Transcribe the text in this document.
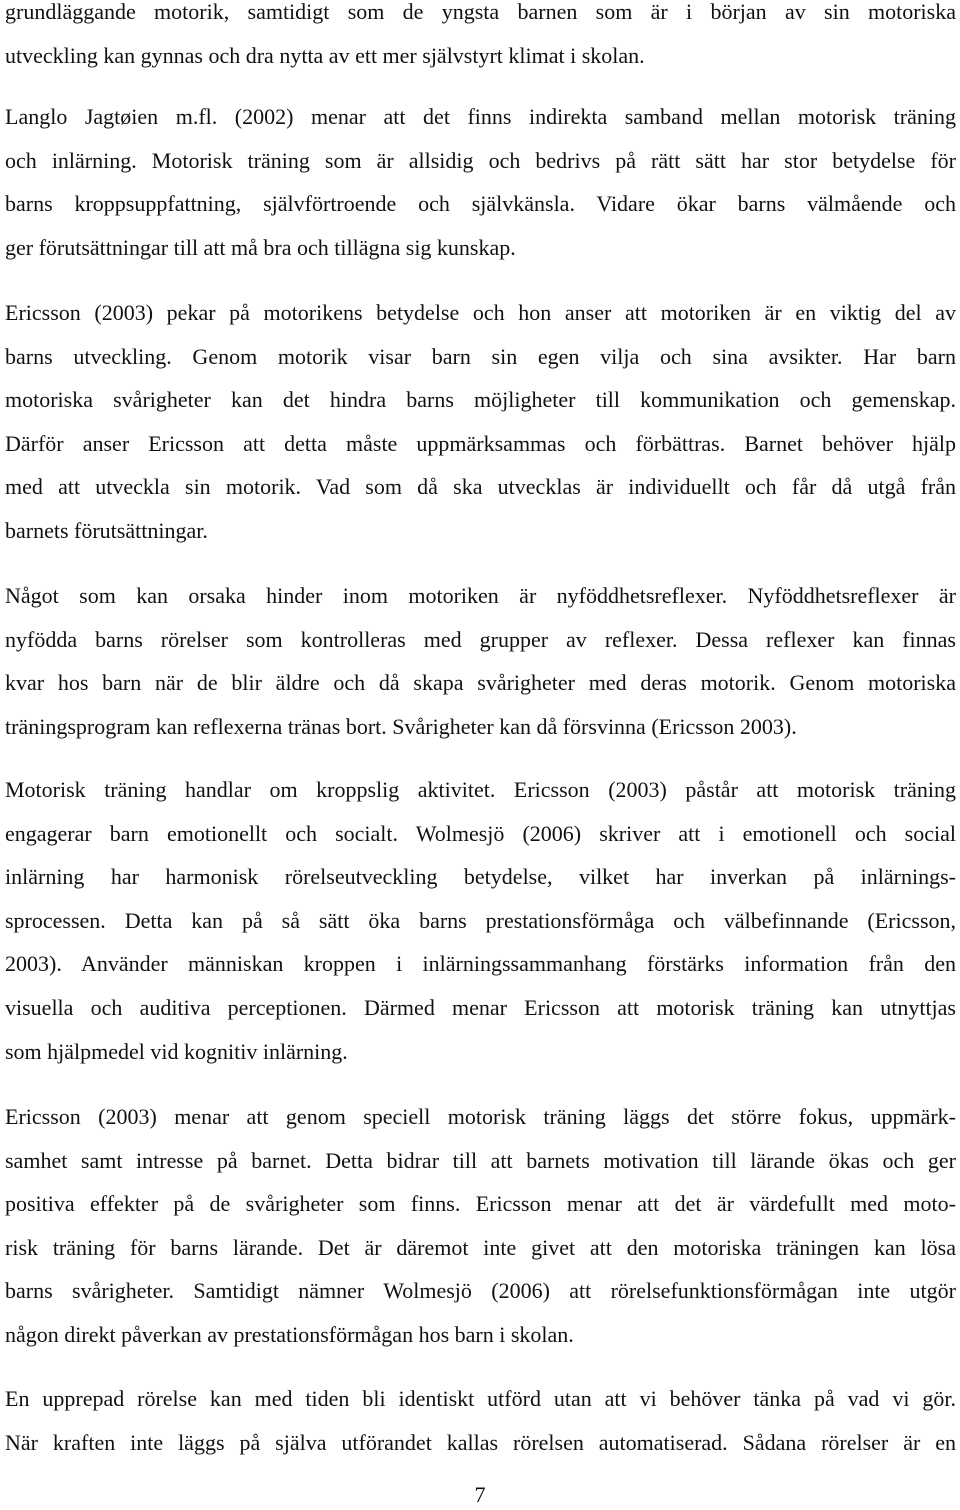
grundläggande motorik, samtidigt som de yngsta barnen som är i början av sin motoriska
utveckling kan gynnas och dra nytta av ett mer självstyrt klimat i skolan.
Langlo Jagtøien m.fl. (2002) menar att det finns indirekta samband mellan motorisk träning
och inlärning. Motorisk träning som är allsidig och bedrivs på rätt sätt har stor betydelse för
barns kroppsuppfattning, självförtroende och självkänsla. Vidare ökar barns välmående och
ger förutsättningar till att må bra och tillägna sig kunskap.
Ericsson (2003) pekar på motorikens betydelse och hon anser att motoriken är en viktig del av
barns utveckling. Genom motorik visar barn sin egen vilja och sina avsikter. Har barn
motoriska svårigheter kan det hindra barns möjligheter till kommunikation och gemenskap.
Därför anser Ericsson att detta måste uppmärksammas och förbättras. Barnet behöver hjälp
med att utveckla sin motorik. Vad som då ska utvecklas är individuellt och får då utgå från
barnets förutsättningar.
Något som kan orsaka hinder inom motoriken är nyföddhetsreflexer. Nyföddhetsreflexer är
nyfödda barns rörelser som kontrolleras med grupper av reflexer. Dessa reflexer kan finnas
kvar hos barn när de blir äldre och då skapa svårigheter med deras motorik. Genom motoriska
träningsprogram kan reflexerna tränas bort. Svårigheter kan då försvinna (Ericsson 2003).
Motorisk träning handlar om kroppslig aktivitet. Ericsson (2003) påstår att motorisk träning
engagerar barn emotionellt och socialt. Wolmesjö (2006) skriver att i emotionell och social
inlärning har harmonisk rörelseutveckling betydelse, vilket har inverkan på inlärnings-
sprocessen. Detta kan på så sätt öka barns prestationsförmåga och välbefinnande (Ericsson,
2003). Använder människan kroppen i inlärningssammanhang förstärks information från den
visuella och auditiva perceptionen. Därmed menar Ericsson att motorisk träning kan utnyttjas
som hjälpmedel vid kognitiv inlärning.
Ericsson (2003) menar att genom speciell motorisk träning läggs det större fokus, uppmärk-
samhet samt intresse på barnet. Detta bidrar till att barnets motivation till lärande ökas och ger
positiva effekter på de svårigheter som finns. Ericsson menar att det är värdefullt med moto-
risk träning för barns lärande. Det är däremot inte givet att den motoriska träningen kan lösa
barns svårigheter. Samtidigt nämner Wolmesjö (2006) att rörelsefunktionsförmågan inte utgör
någon direkt påverkan av prestationsförmågan hos barn i skolan.
En upprepad rörelse kan med tiden bli identiskt utförd utan att vi behöver tänka på vad vi gör.
När kraften inte läggs på själva utförandet kallas rörelsen automatiserad. Sådana rörelser är en
7
